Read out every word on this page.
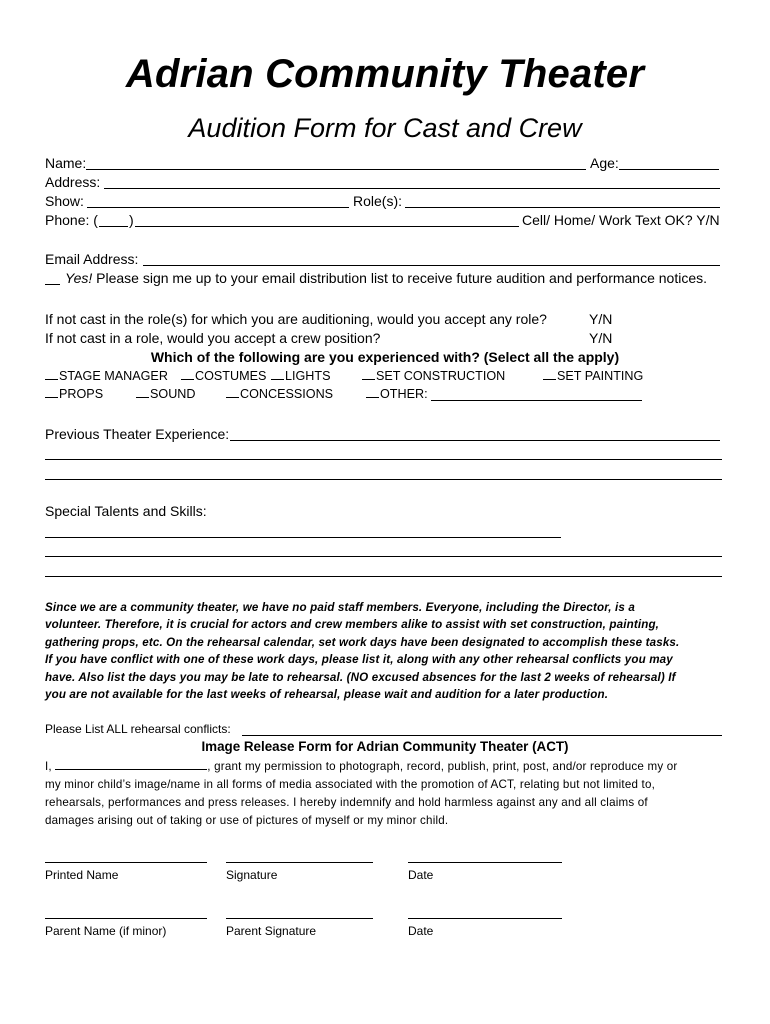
Adrian Community Theater
Audition Form for Cast and Crew
Name:	Age:
Address:
Show:	Role(s):
Phone: ( )	Cell/ Home/ Work Text OK? Y/N
Email Address:
Yes! Please sign me up to your email distribution list to receive future audition and performance notices.
If not cast in the role(s) for which you are auditioning, would you accept any role?	Y/N
If not cast in a role, would you accept a crew position?	Y/N
Which of the following are you experienced with? (Select all the apply)
STAGE MANAGER	COSTUMES	LIGHTS	SET CONSTRUCTION	SET PAINTING
PROPS	SOUND	CONCESSIONS	OTHER:
Previous Theater Experience:
Special Talents and Skills:
Since we are a community theater, we have no paid staff members. Everyone, including the Director, is a
volunteer. Therefore, it is crucial for actors and crew members alike to assist with set construction, painting,
gathering props, etc. On the rehearsal calendar, set work days have been designated to accomplish these tasks.
If you have conflict with one of these work days, please list it, along with any other rehearsal conflicts you may
have. Also list the days you may be late to rehearsal. (NO excused absences for the last 2 weeks of rehearsal) If
you are not available for the last weeks of rehearsal, please wait and audition for a later production.
Please List ALL rehearsal conflicts:
Image Release Form for Adrian Community Theater (ACT)
I,	, grant my permission to photograph, record, publish, print, post, and/or reproduce my or
my minor child’s image/name in all forms of media associated with the promotion of ACT, relating but not limited to,
rehearsals, performances and press releases. I hereby indemnify and hold harmless against any and all claims of
damages arising out of taking or use of pictures of myself or my minor child.
Printed Name	Signature	Date
Parent Name (if minor)	Parent Signature	Date
